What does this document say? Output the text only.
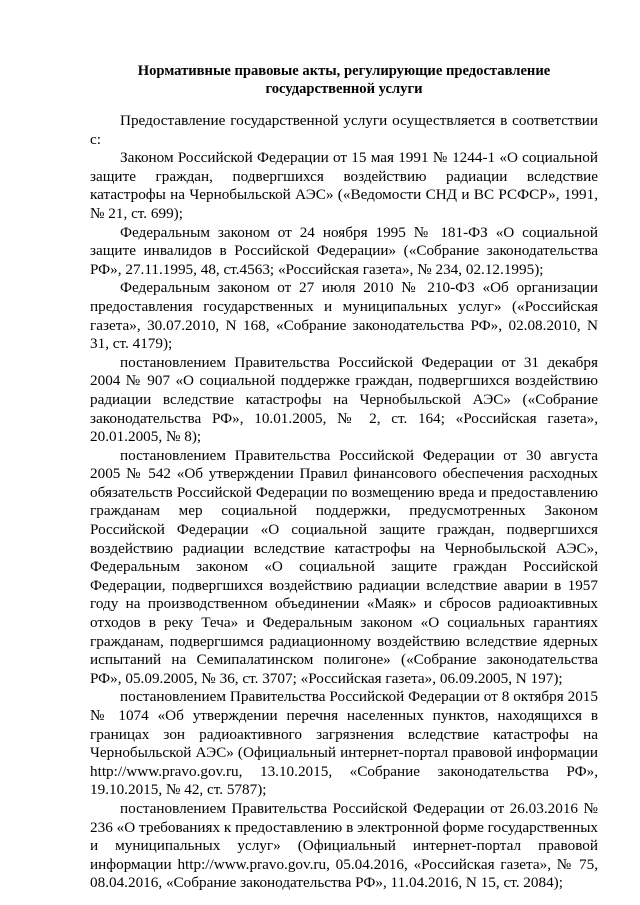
Нормативные правовые акты, регулирующие предоставление
государственной услуги

Предоставление государственной услуги осуществляется в соответствии с:

Законом Российской Федерации от 15 мая 1991 № 1244-1 «О социальной защите граждан, подвергшихся воздействию радиации вследствие катастрофы на Чернобыльской АЭС» («Ведомости СНД и ВС РСФСР», 1991, № 21, ст. 699);

Федеральным законом от 24 ноября 1995 № 181-ФЗ «О социальной защите инвалидов в Российской Федерации» («Собрание законодательства РФ», 27.11.1995, 48, ст.4563; «Российская газета», № 234, 02.12.1995);

Федеральным законом от 27 июля 2010 № 210-ФЗ «Об организации предоставления государственных и муниципальных услуг» («Российская газета», 30.07.2010, N 168, «Собрание законодательства РФ», 02.08.2010, N 31, ст. 4179);

постановлением Правительства Российской Федерации от 31 декабря 2004 № 907 «О социальной поддержке граждан, подвергшихся воздействию радиации вследствие катастрофы на Чернобыльской АЭС» («Собрание законодательства РФ», 10.01.2005, № 2, ст. 164; «Российская газета», 20.01.2005, № 8);

постановлением Правительства Российской Федерации от 30 августа 2005 № 542 «Об утверждении Правил финансового обеспечения расходных обязательств Российской Федерации по возмещению вреда и предоставлению гражданам мер социальной поддержки, предусмотренных Законом Российской Федерации «О социальной защите граждан, подвергшихся воздействию радиации вследствие катастрофы на Чернобыльской АЭС», Федеральным законом «О социальной защите граждан Российской Федерации, подвергшихся воздействию радиации вследствие аварии в 1957 году на производственном объединении «Маяк» и сбросов радиоактивных отходов в реку Теча» и Федеральным законом «О социальных гарантиях гражданам, подвергшимся радиационному воздействию вследствие ядерных испытаний на Семипалатинском полигоне» («Собрание законодательства РФ», 05.09.2005, № 36, ст. 3707; «Российская газета», 06.09.2005, N 197);

постановлением Правительства Российской Федерации от 8 октября 2015 № 1074 «Об утверждении перечня населенных пунктов, находящихся в границах зон радиоактивного загрязнения вследствие катастрофы на Чернобыльской АЭС» (Официальный интернет-портал правовой информации http://www.pravo.gov.ru, 13.10.2015, «Собрание законодательства РФ», 19.10.2015, № 42, ст. 5787);

постановлением Правительства Российской Федерации от 26.03.2016 № 236 «О требованиях к предоставлению в электронной форме государственных и муниципальных услуг» (Официальный интернет-портал правовой информации http://www.pravo.gov.ru, 05.04.2016, «Российская газета», № 75, 08.04.2016, «Собрание законодательства РФ», 11.04.2016, N 15, ст. 2084);
